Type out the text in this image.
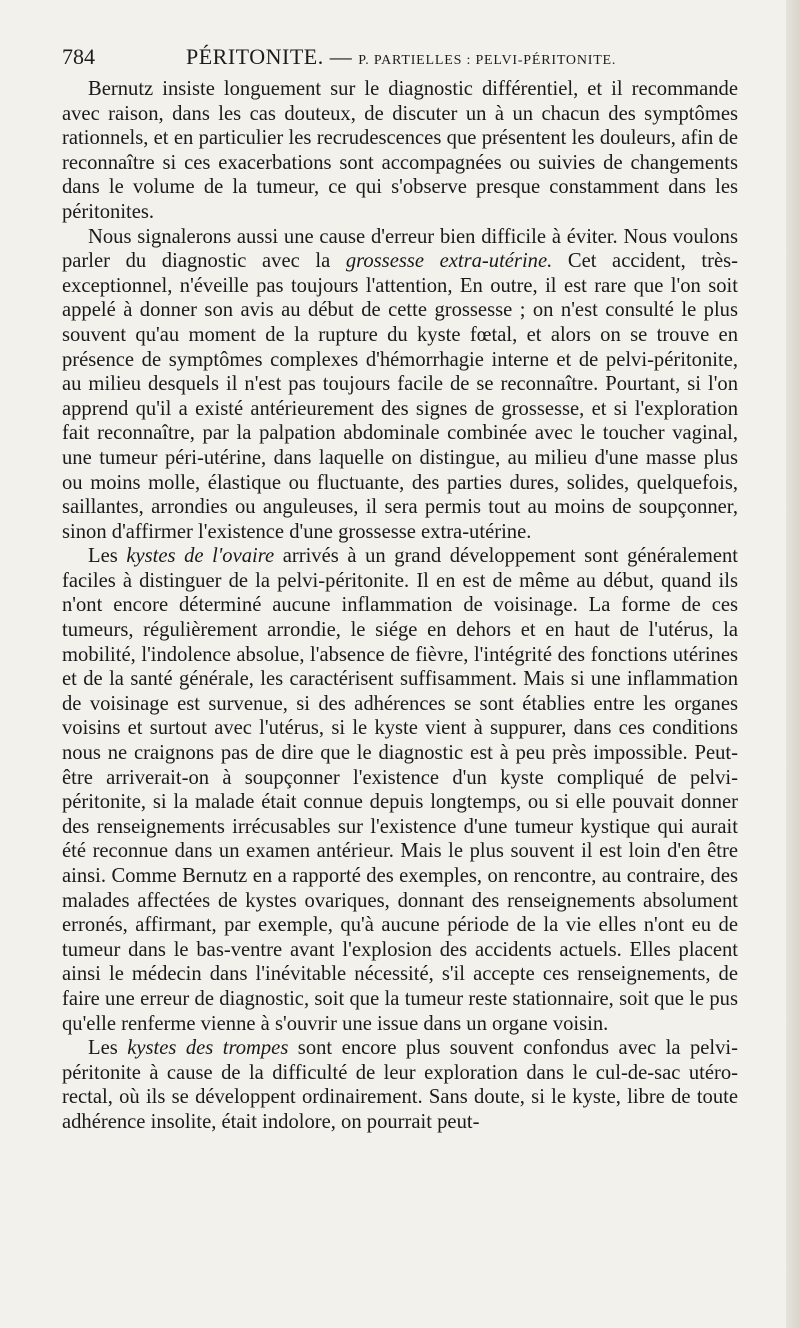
784	PÉRITONITE. — P. PARTIELLES : PELVI-PÉRITONITE.

Bernutz insiste longuement sur le diagnostic différentiel, et il recommande avec raison, dans les cas douteux, de discuter un à un chacun des symptômes rationnels, et en particulier les recrudescences que présentent les douleurs, afin de reconnaître si ces exacerbations sont accompagnées ou suivies de changements dans le volume de la tumeur, ce qui s'observe presque constamment dans les péritonites.

Nous signalerons aussi une cause d'erreur bien difficile à éviter. Nous voulons parler du diagnostic avec la grossesse extra-utérine. Cet accident, très-exceptionnel, n'éveille pas toujours l'attention, En outre, il est rare que l'on soit appelé à donner son avis au début de cette grossesse ; on n'est consulté le plus souvent qu'au moment de la rupture du kyste fœtal, et alors on se trouve en présence de symptômes complexes d'hémorrhagie interne et de pelvi-péritonite, au milieu desquels il n'est pas toujours facile de se reconnaître. Pourtant, si l'on apprend qu'il a existé antérieurement des signes de grossesse, et si l'exploration fait reconnaître, par la palpation abdominale combinée avec le toucher vaginal, une tumeur péri-utérine, dans laquelle on distingue, au milieu d'une masse plus ou moins molle, élastique ou fluctuante, des parties dures, solides, quelquefois, saillantes, arrondies ou anguleuses, il sera permis tout au moins de soupçonner, sinon d'affirmer l'existence d'une grossesse extra-utérine.

Les kystes de l'ovaire arrivés à un grand développement sont généralement faciles à distinguer de la pelvi-péritonite. Il en est de même au début, quand ils n'ont encore déterminé aucune inflammation de voisinage. La forme de ces tumeurs, régulièrement arrondie, le siége en dehors et en haut de l'utérus, la mobilité, l'indolence absolue, l'absence de fièvre, l'intégrité des fonctions utérines et de la santé générale, les caractérisent suffisamment. Mais si une inflammation de voisinage est survenue, si des adhérences se sont établies entre les organes voisins et surtout avec l'utérus, si le kyste vient à suppurer, dans ces conditions nous ne craignons pas de dire que le diagnostic est à peu près impossible. Peut-être arriverait-on à soupçonner l'existence d'un kyste compliqué de pelvi-péritonite, si la malade était connue depuis longtemps, ou si elle pouvait donner des renseignements irrécusables sur l'existence d'une tumeur kystique qui aurait été reconnue dans un examen antérieur. Mais le plus souvent il est loin d'en être ainsi. Comme Bernutz en a rapporté des exemples, on rencontre, au contraire, des malades affectées de kystes ovariques, donnant des renseignements absolument erronés, affirmant, par exemple, qu'à aucune période de la vie elles n'ont eu de tumeur dans le bas-ventre avant l'explosion des accidents actuels. Elles placent ainsi le médecin dans l'inévitable nécessité, s'il accepte ces renseignements, de faire une erreur de diagnostic, soit que la tumeur reste stationnaire, soit que le pus qu'elle renferme vienne à s'ouvrir une issue dans un organe voisin.

Les kystes des trompes sont encore plus souvent confondus avec la pelvi-péritonite à cause de la difficulté de leur exploration dans le cul-de-sac utéro-rectal, où ils se développent ordinairement. Sans doute, si le kyste, libre de toute adhérence insolite, était indolore, on pourrait peut-
